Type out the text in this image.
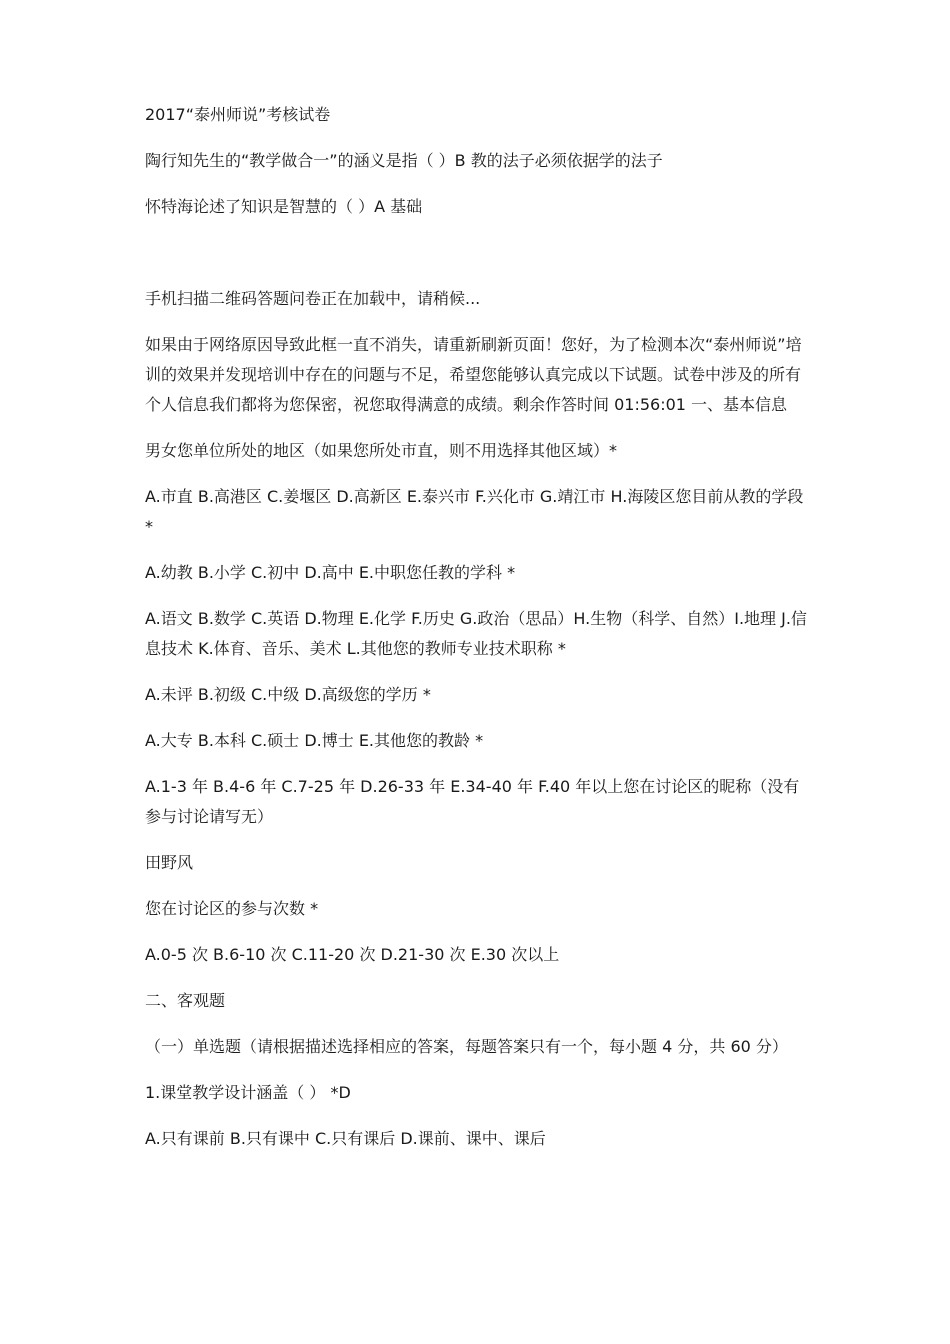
2017“泰州师说”考核试卷

陶行知先生的“教学做合一”的涵义是指（ ）B 教的法子必须依据学的法子

怀特海论述了知识是智慧的（ ）A 基础

手机扫描二维码答题问卷正在加载中，请稍候...

如果由于网络原因导致此框一直不消失，请重新刷新页面！您好，为了检测本次“泰州师说”培训的效果并发现培训中存在的问题与不足，希望您能够认真完成以下试题。试卷中涉及的所有个人信息我们都将为您保密，祝您取得满意的成绩。剩余作答时间 01:56:01 一、基本信息

男女您单位所处的地区（如果您所处市直，则不用选择其他区域）*

A.市直 B.高港区 C.姜堰区 D.高新区 E.泰兴市 F.兴化市 G.靖江市 H.海陵区您目前从教的学段 *

A.幼教 B.小学 C.初中 D.高中 E.中职您任教的学科 *

A.语文 B.数学 C.英语 D.物理 E.化学 F.历史 G.政治（思品）H.生物（科学、自然）I.地理 J.信息技术 K.体育、音乐、美术 L.其他您的教师专业技术职称 *

A.未评 B.初级 C.中级 D.高级您的学历 *

A.大专 B.本科 C.硕士 D.博士 E.其他您的教龄 *

A.1-3 年 B.4-6 年 C.7-25 年 D.26-33 年 E.34-40 年 F.40 年以上您在讨论区的昵称（没有参与讨论请写无）

田野风

您在讨论区的参与次数 *

A.0-5 次 B.6-10 次 C.11-20 次 D.21-30 次 E.30 次以上

二、客观题

（一）单选题（请根据描述选择相应的答案，每题答案只有一个，每小题 4 分，共 60 分）

1.课堂教学设计涵盖（ ） *D

A.只有课前 B.只有课中 C.只有课后 D.课前、课中、课后
